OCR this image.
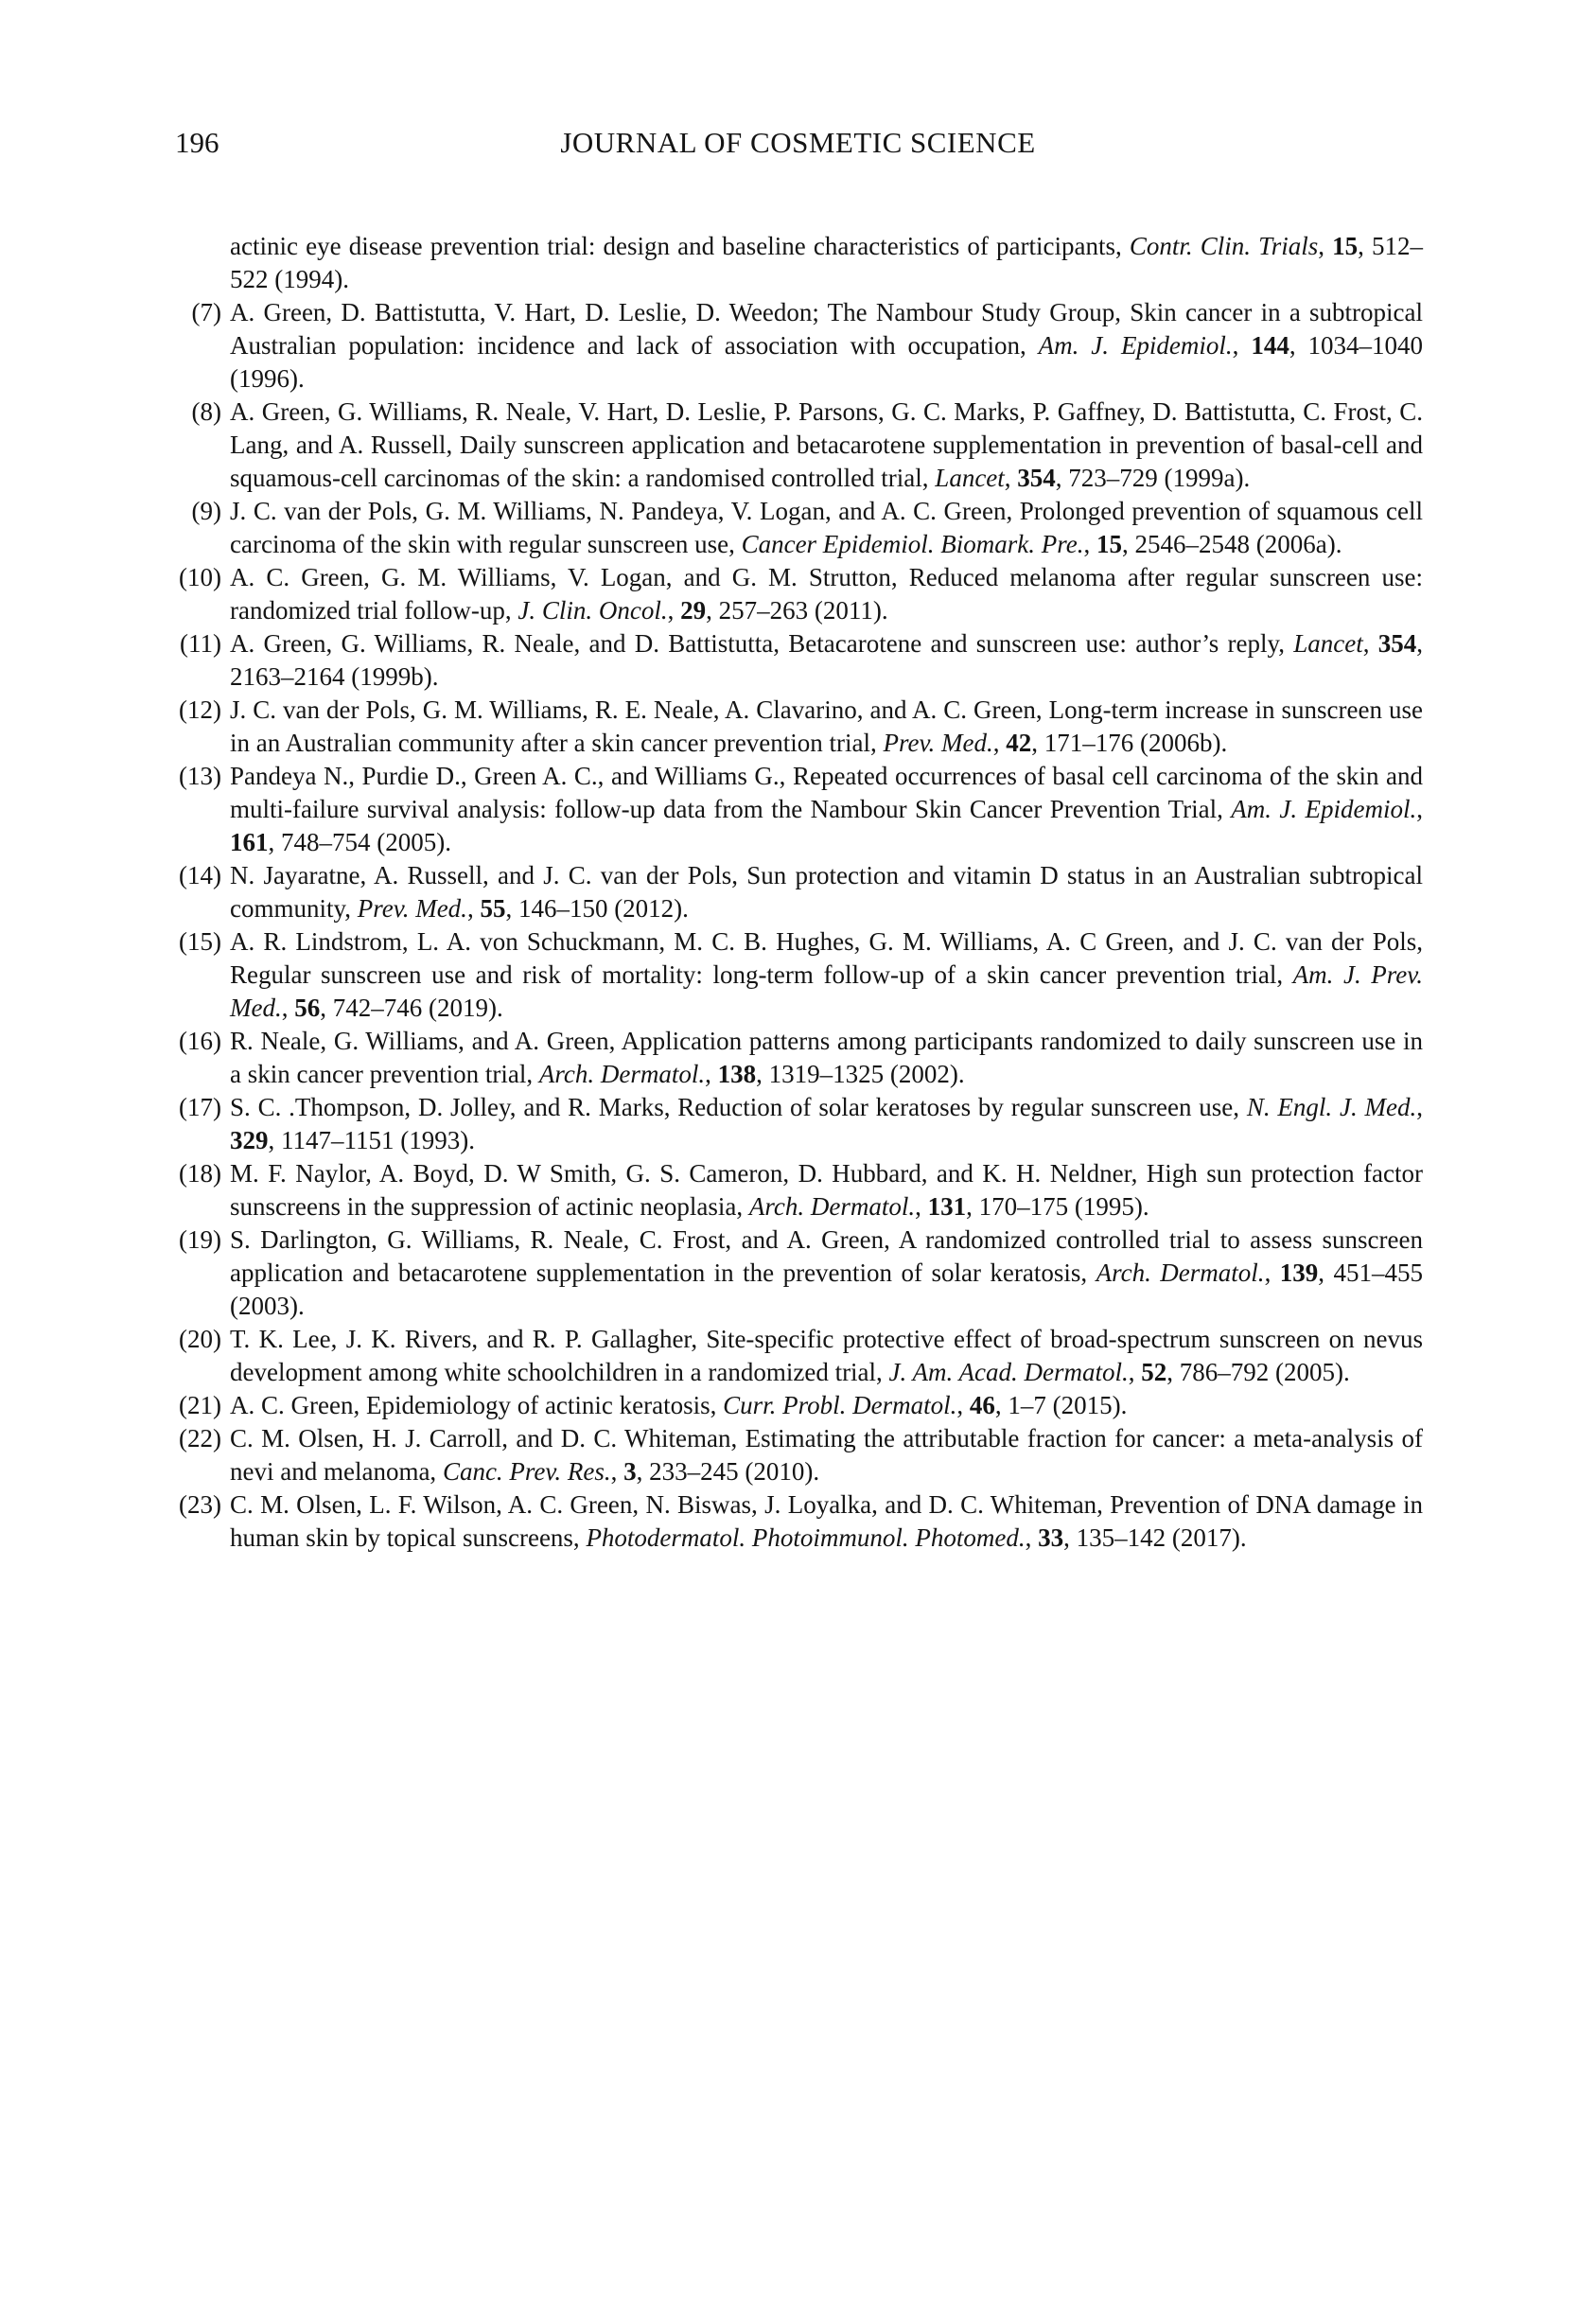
196	JOURNAL OF COSMETIC SCIENCE

actinic eye disease prevention trial: design and baseline characteristics of participants, Contr. Clin. Trials, 15, 512–522 (1994).

(7) A. Green, D. Battistutta, V. Hart, D. Leslie, D. Weedon; The Nambour Study Group, Skin cancer in a subtropical Australian population: incidence and lack of association with occupation, Am. J. Epidemiol., 144, 1034–1040 (1996).

(8) A. Green, G. Williams, R. Neale, V. Hart, D. Leslie, P. Parsons, G. C. Marks, P. Gaffney, D. Battistutta, C. Frost, C. Lang, and A. Russell, Daily sunscreen application and betacarotene supplementation in prevention of basal-cell and squamous-cell carcinomas of the skin: a randomised controlled trial, Lancet, 354, 723–729 (1999a).

(9) J. C. van der Pols, G. M. Williams, N. Pandeya, V. Logan, and A. C. Green, Prolonged prevention of squamous cell carcinoma of the skin with regular sunscreen use, Cancer Epidemiol. Biomark. Pre., 15, 2546–2548 (2006a).

(10) A. C. Green, G. M. Williams, V. Logan, and G. M. Strutton, Reduced melanoma after regular sunscreen use: randomized trial follow-up, J. Clin. Oncol., 29, 257–263 (2011).

(11) A. Green, G. Williams, R. Neale, and D. Battistutta, Betacarotene and sunscreen use: author’s reply, Lancet, 354, 2163–2164 (1999b).

(12) J. C. van der Pols, G. M. Williams, R. E. Neale, A. Clavarino, and A. C. Green, Long-term increase in sunscreen use in an Australian community after a skin cancer prevention trial, Prev. Med., 42, 171–176 (2006b).

(13) Pandeya N., Purdie D., Green A. C., and Williams G., Repeated occurrences of basal cell carcinoma of the skin and multi-failure survival analysis: follow-up data from the Nambour Skin Cancer Prevention Trial, Am. J. Epidemiol., 161, 748–754 (2005).

(14) N. Jayaratne, A. Russell, and J. C. van der Pols, Sun protection and vitamin D status in an Australian subtropical community, Prev. Med., 55, 146–150 (2012).

(15) A. R. Lindstrom, L. A. von Schuckmann, M. C. B. Hughes, G. M. Williams, A. C Green, and J. C. van der Pols, Regular sunscreen use and risk of mortality: long-term follow-up of a skin cancer prevention trial, Am. J. Prev. Med., 56, 742–746 (2019).

(16) R. Neale, G. Williams, and A. Green, Application patterns among participants randomized to daily sunscreen use in a skin cancer prevention trial, Arch. Dermatol., 138, 1319–1325 (2002).

(17) S. C. .Thompson, D. Jolley, and R. Marks, Reduction of solar keratoses by regular sunscreen use, N. Engl. J. Med., 329, 1147–1151 (1993).

(18) M. F. Naylor, A. Boyd, D. W Smith, G. S. Cameron, D. Hubbard, and K. H. Neldner, High sun protection factor sunscreens in the suppression of actinic neoplasia, Arch. Dermatol., 131, 170–175 (1995).

(19) S. Darlington, G. Williams, R. Neale, C. Frost, and A. Green, A randomized controlled trial to assess sunscreen application and betacarotene supplementation in the prevention of solar keratosis, Arch. Dermatol., 139, 451–455 (2003).

(20) T. K. Lee, J. K. Rivers, and R. P. Gallagher, Site-specific protective effect of broad-spectrum sunscreen on nevus development among white schoolchildren in a randomized trial, J. Am. Acad. Dermatol., 52, 786–792 (2005).

(21) A. C. Green, Epidemiology of actinic keratosis, Curr. Probl. Dermatol., 46, 1–7 (2015).

(22) C. M. Olsen, H. J. Carroll, and D. C. Whiteman, Estimating the attributable fraction for cancer: a meta-analysis of nevi and melanoma, Canc. Prev. Res., 3, 233–245 (2010).

(23) C. M. Olsen, L. F. Wilson, A. C. Green, N. Biswas, J. Loyalka, and D. C. Whiteman, Prevention of DNA damage in human skin by topical sunscreens, Photodermatol. Photoimmunol. Photomed., 33, 135–142 (2017).
